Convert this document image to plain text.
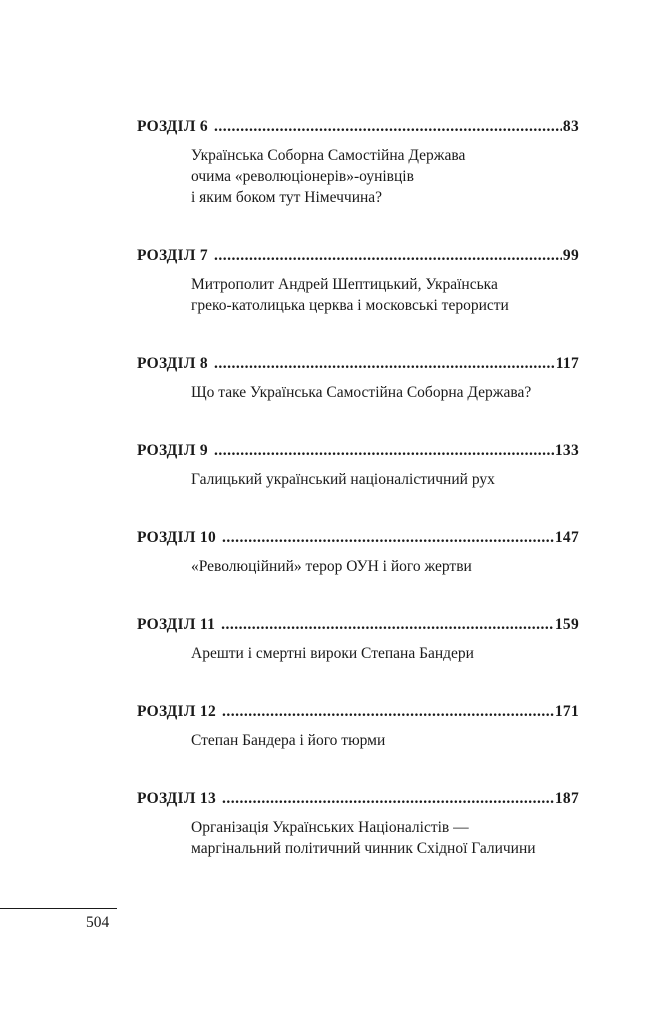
РОЗДІЛ 6 .....	83
Українська Соборна Самостійна Держава
очима «революціонерів»-оунівців
і яким боком тут Німеччина?
РОЗДІЛ 7 .....	99
Митрополит Андрей Шептицький, Українська
греко-католицька церква і московські терористи
РОЗДІЛ 8 .....	117
Що таке Українська Самостійна Соборна Держава?
РОЗДІЛ 9 .....	133
Галицький український націоналістичний рух
РОЗДІЛ 10 .....	147
«Революційний» терор ОУН і його жертви
РОЗДІЛ 11 .....	159
Арешти і смертні вироки Степана Бандери
РОЗДІЛ 12 .....	171
Степан Бандера і його тюрми
РОЗДІЛ 13 .....	187
Організація Українських Націоналістів —
маргінальний політичний чинник Східної Галичини
504
